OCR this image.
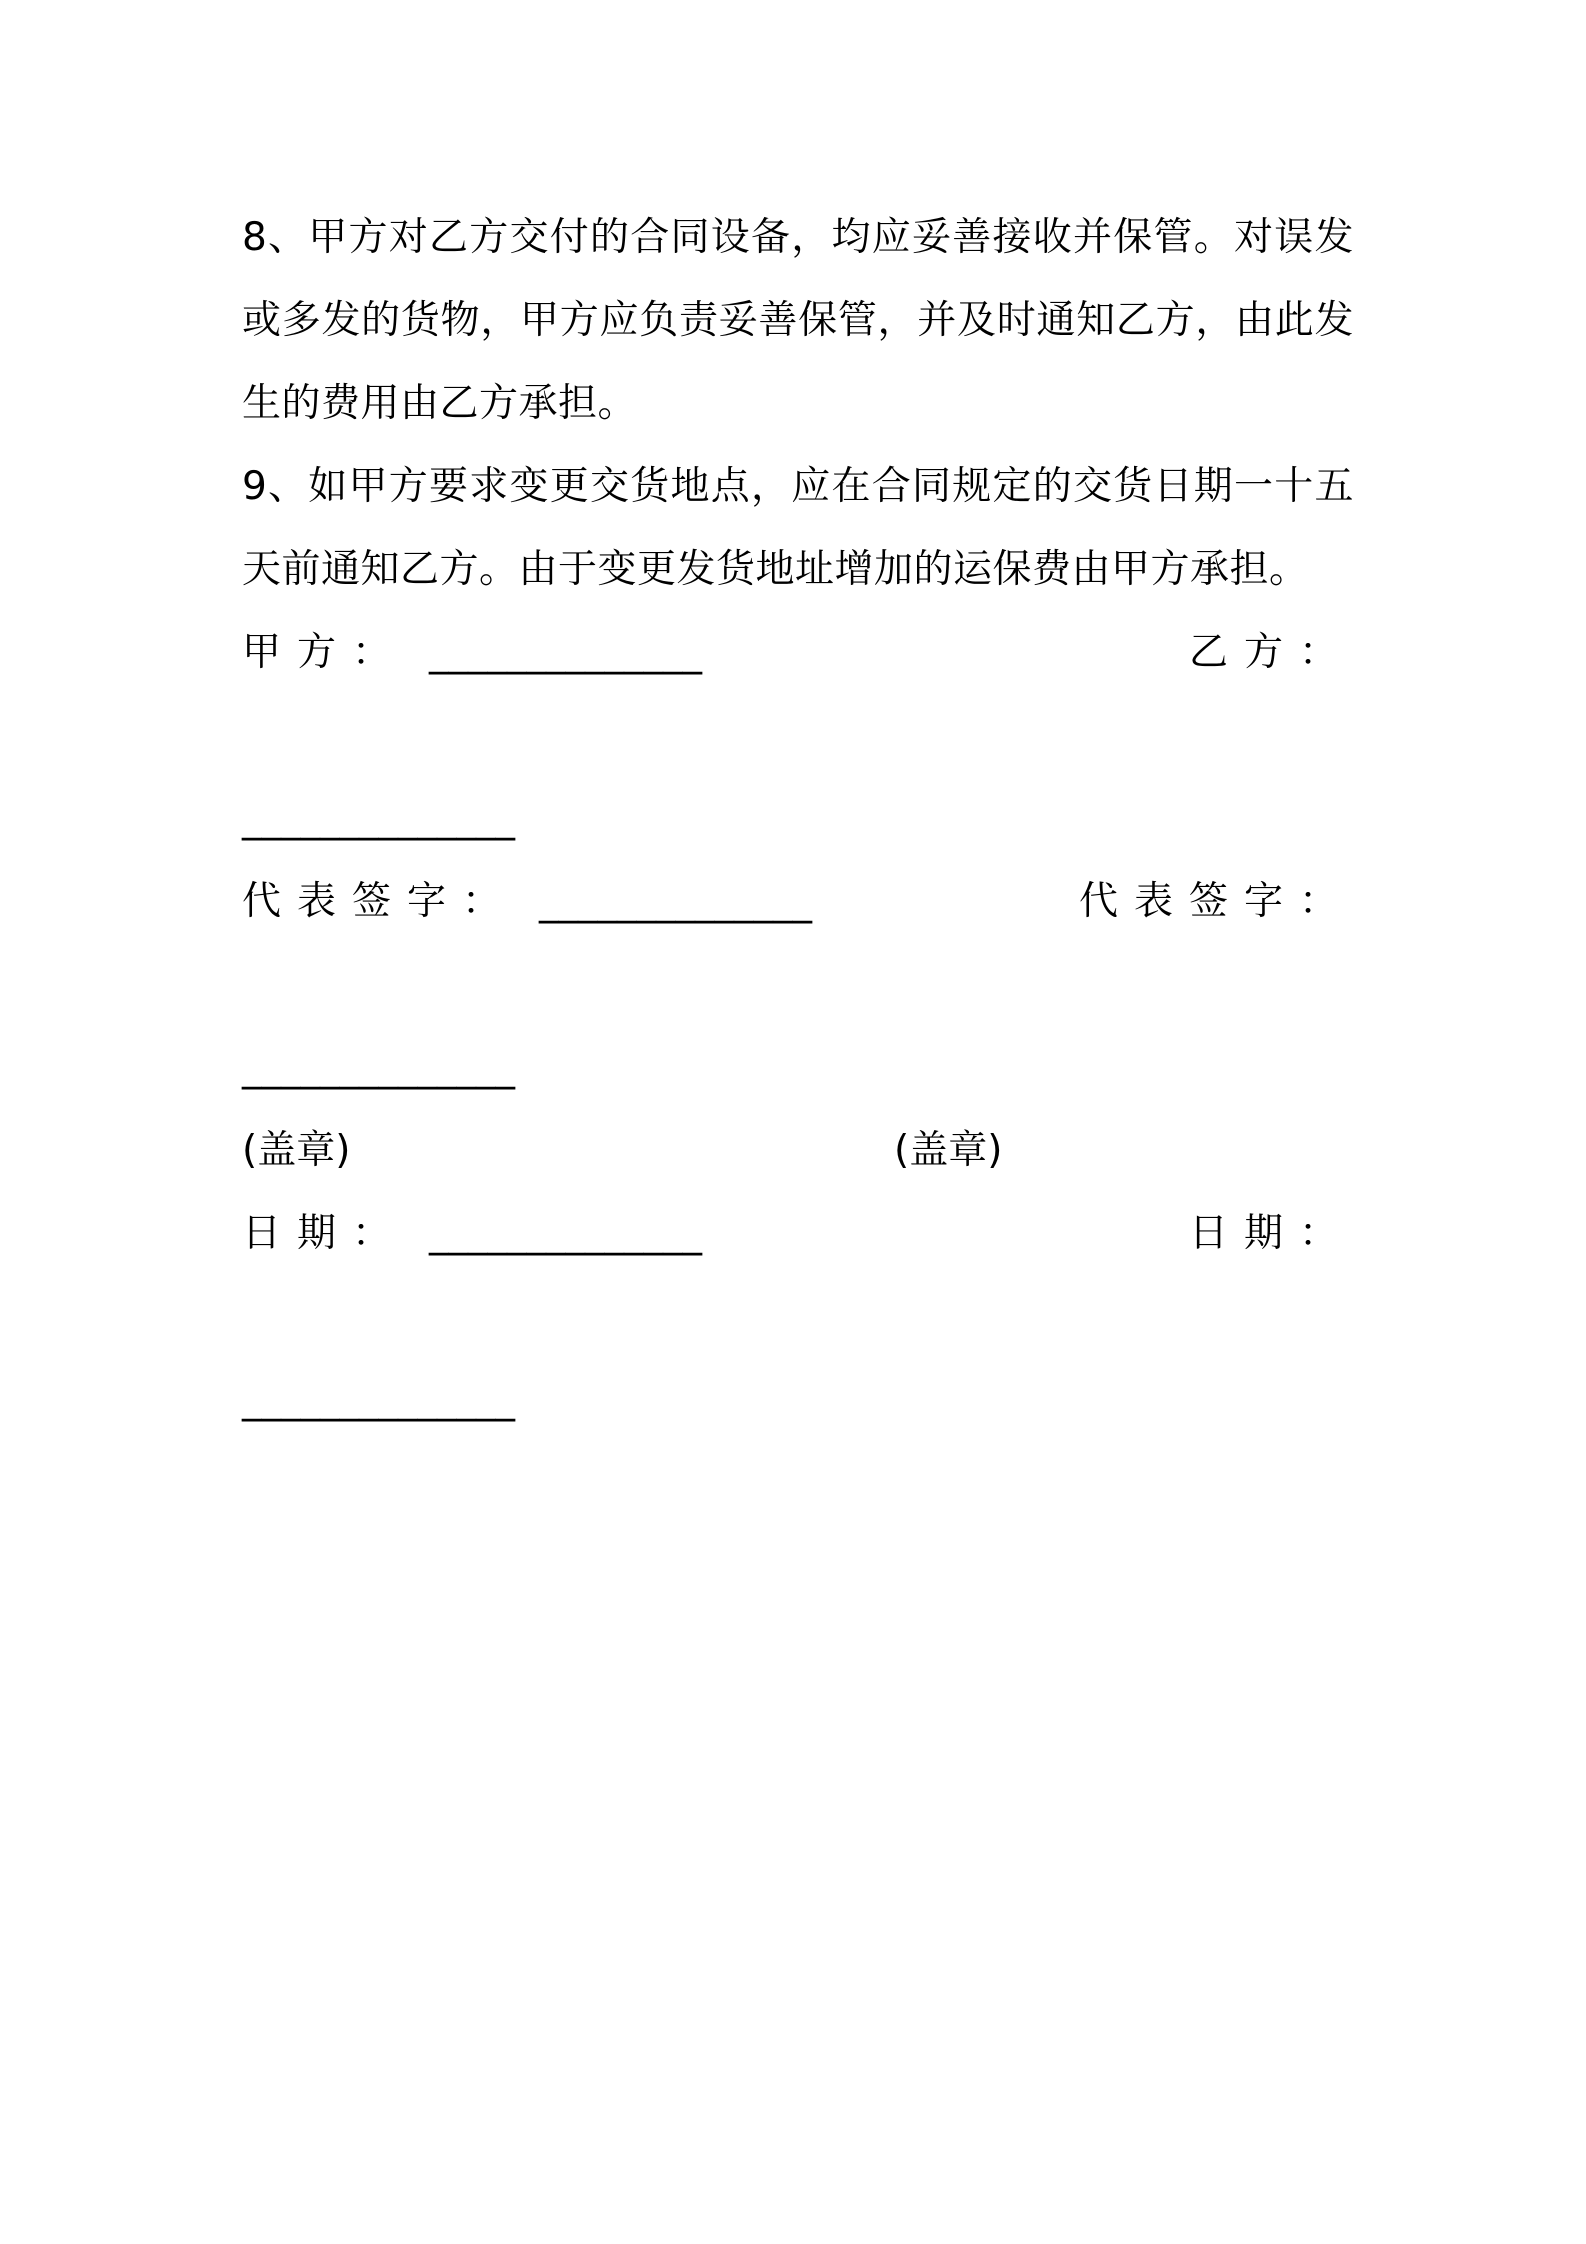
8、甲方对乙方交付的合同设备，均应妥善接收并保管。对误发或多发的货物，甲方应负责妥善保管，并及时通知乙方，由此发生的费用由乙方承担。

9、如甲方要求变更交货地点，应在合同规定的交货日期一十五天前通知乙方。由于变更发货地址增加的运保费由甲方承担。

甲方： ______________	乙方：
______________
代表签字： ______________	代表签字：
______________
(盖章)	(盖章)
日期： ______________	日期：
______________
